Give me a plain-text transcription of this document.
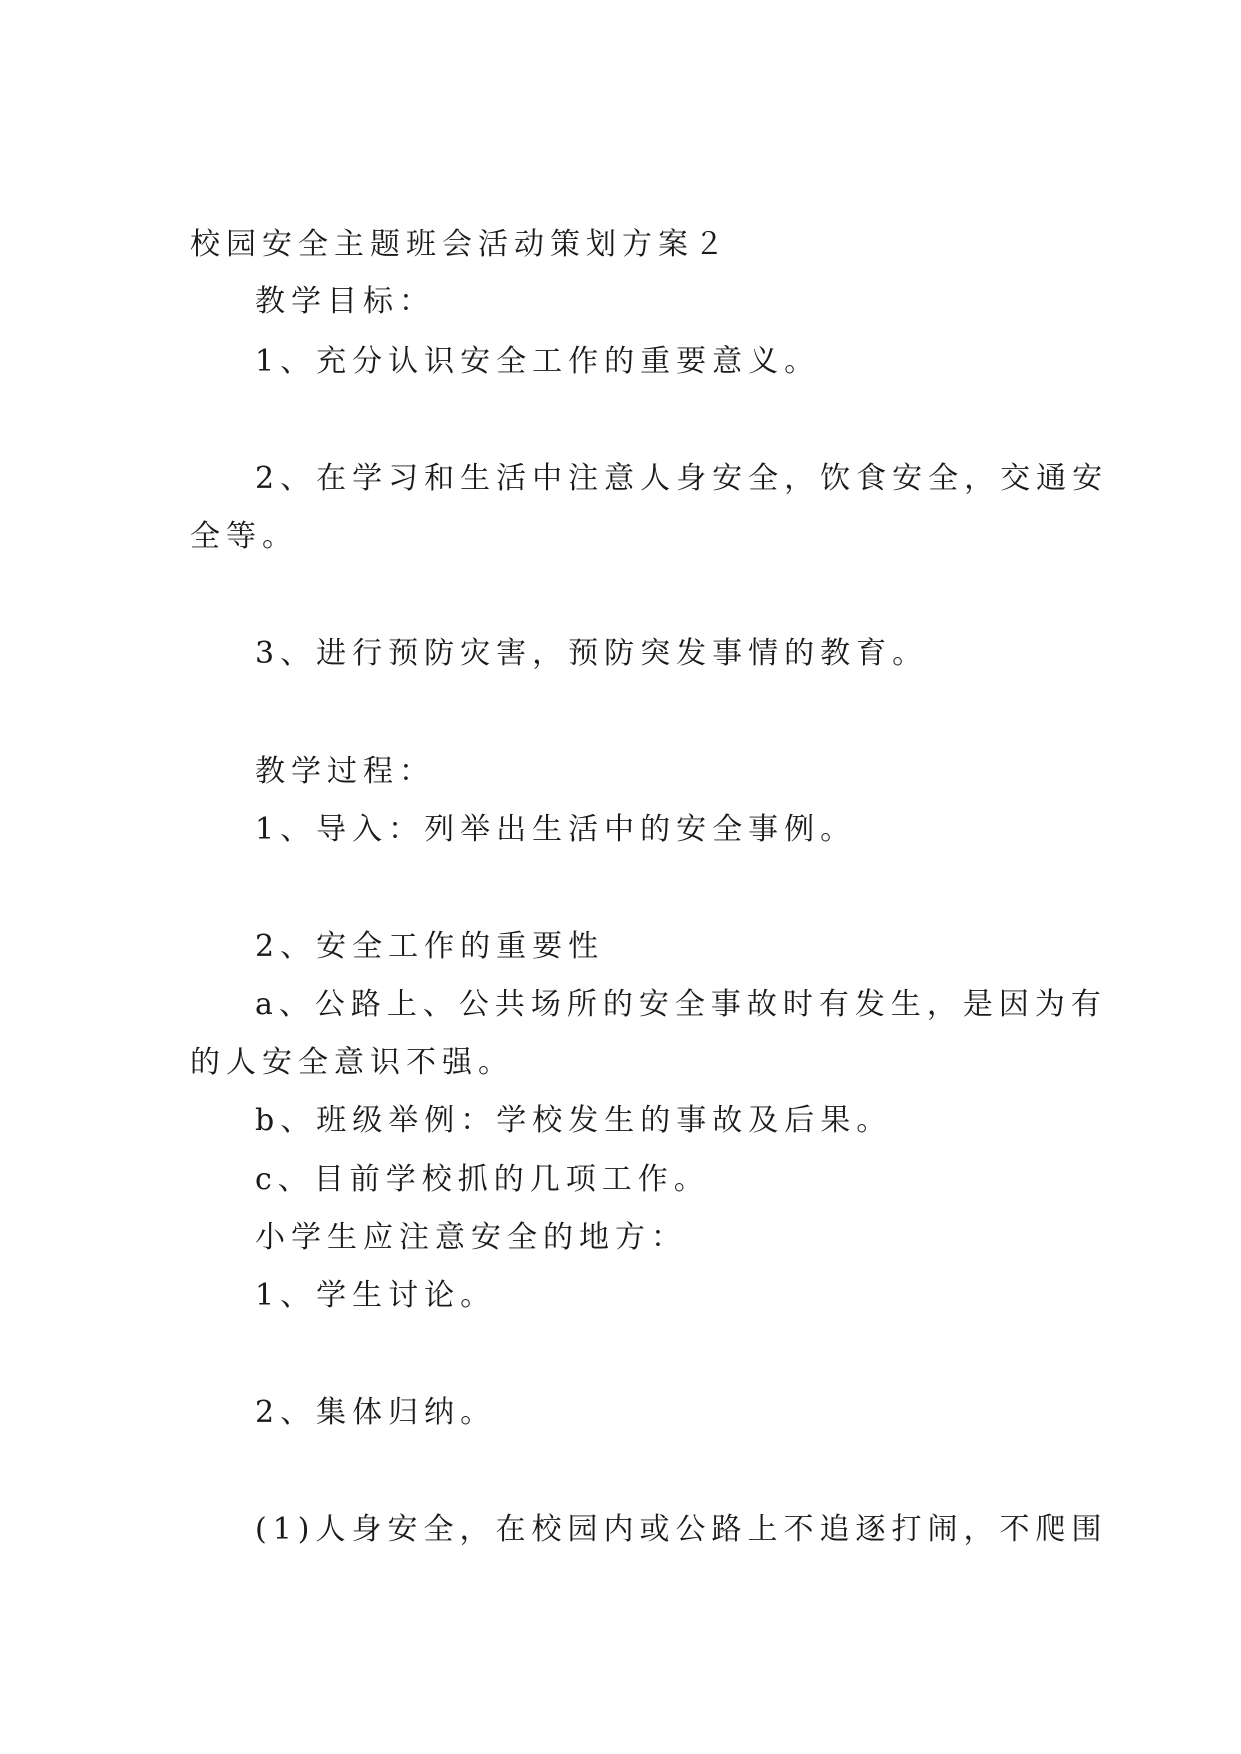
校园安全主题班会活动策划方案２
教学目标：
1、充分认识安全工作的重要意义。
2、在学习和生活中注意人身安全，饮食安全，交通安
全等。
3、进行预防灾害，预防突发事情的教育。
教学过程：
1、导入：列举出生活中的安全事例。
2、安全工作的重要性
a、公路上、公共场所的安全事故时有发生，是因为有
的人安全意识不强。
b、班级举例：学校发生的事故及后果。
c、目前学校抓的几项工作。
小学生应注意安全的地方：
1、学生讨论。
2、集体归纳。
(1)人身安全，在校园内或公路上不追逐打闹，不爬围
